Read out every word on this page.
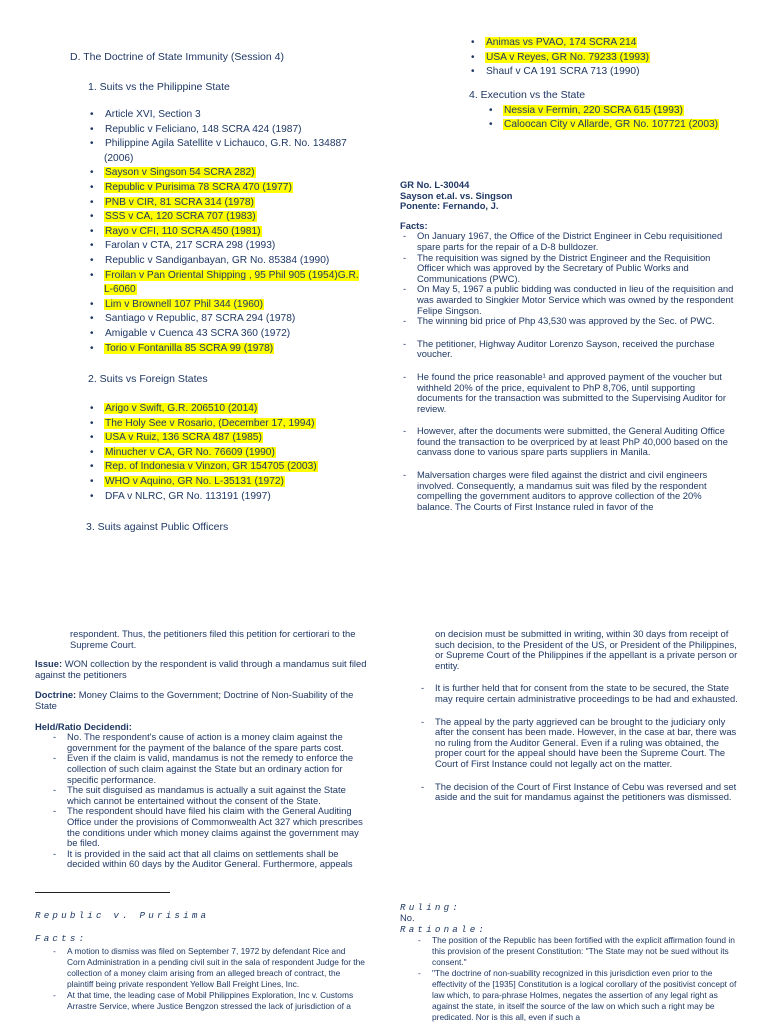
D. The Doctrine of State Immunity (Session 4)
1. Suits vs the Philippine State
• Article XVI, Section 3
• Republic v Feliciano, 148 SCRA 424 (1987)
• Philippine Agila Satellite v Lichauco, G.R. No. 134887 (2006)
• Sayson v Singson 54 SCRA 282)
• Republic v Purisima 78 SCRA 470 (1977)
• PNB v CIR, 81 SCRA 314 (1978)
• SSS v CA, 120 SCRA 707 (1983)
• Rayo v CFI, 110 SCRA 450 (1981)
• Farolan v CTA, 217 SCRA 298 (1993)
• Republic v Sandiganbayan, GR No. 85384 (1990)
• Froilan v Pan Oriental Shipping , 95 Phil 905 (1954)G.R. L-6060
• Lim v Brownell 107 Phil 344 (1960)
• Santiago v Republic, 87 SCRA 294 (1978)
• Amigable v Cuenca 43 SCRA 360 (1972)
• Torio v Fontanilla 85 SCRA 99 (1978)
2. Suits vs Foreign States
• Arigo v Swift, G.R. 206510 (2014)
• The Holy See v Rosario, (December 17, 1994)
• USA v Ruiz, 136 SCRA 487 (1985)
• Minucher v CA, GR No. 76609 (1990)
• Rep. of Indonesia v Vinzon, GR 154705 (2003)
• WHO v Aquino, GR No. L-35131 (1972)
• DFA v NLRC, GR No. 113191 (1997)
3. Suits against Public Officers
• Animas vs PVAO, 174 SCRA 214
• USA v Reyes, GR No. 79233 (1993)
• Shauf v CA 191 SCRA 713 (1990)
4. Execution vs the State
• Nessia v Fermin, 220 SCRA 615 (1993)
• Caloocan City v Allarde, GR No. 107721 (2003)
GR No. L-30044
Sayson et.al. vs. Singson
Ponente: Fernando, J.
Facts:
- On January 1967, the Office of the District Engineer in Cebu requisitioned spare parts for the repair of a D-8 bulldozer.
- The requisition was signed by the District Engineer and the Requisition Officer which was approved by the Secretary of Public Works and Communications (PWC).
- On May 5, 1967 a public bidding was conducted in lieu of the requisition and was awarded to Singkier Motor Service which was owned by the respondent Felipe Singson.
- The winning bid price of Php 43,530 was approved by the Sec. of PWC.
- The petitioner, Highway Auditor Lorenzo Sayson, received the purchase voucher.
- He found the price reasonable¹ and approved payment of the voucher but withheld 20% of the price, equivalent to PhP 8,706, until supporting documents for the transaction was submitted to the Supervising Auditor for review.
- However, after the documents were submitted, the General Auditing Office found the transaction to be overpriced by at least PhP 40,000 based on the canvass done to various spare parts suppliers in Manila.
- Malversation charges were filed against the district and civil engineers involved. Consequently, a mandamus suit was filed by the respondent compelling the government auditors to approve collection of the 20% balance. The Courts of First Instance ruled in favor of the
respondent. Thus, the petitioners filed this petition for certiorari to the Supreme Court.
Issue: WON collection by the respondent is valid through a mandamus suit filed against the petitioners
Doctrine: Money Claims to the Government; Doctrine of Non-Suability of the State
Held/Ratio Decidendi:
- No. The respondent's cause of action is a money claim against the government for the payment of the balance of the spare parts cost.
- Even if the claim is valid, mandamus is not the remedy to enforce the collection of such claim against the State but an ordinary action for specific performance.
- The suit disguised as mandamus is actually a suit against the State which cannot be entertained without the consent of the State.
- The respondent should have filed his claim with the General Auditing Office under the provisions of Commonwealth Act 327 which prescribes the conditions under which money claims against the government may be filed.
- It is provided in the said act that all claims on settlements shall be decided within 60 days by the Auditor General. Furthermore, appeals
Republic v. Purisima
Facts:
- A motion to dismiss was filed on September 7, 1972 by defendant Rice and Corn Administration in a pending civil suit in the sala of respondent Judge for the collection of a money claim arising from an alleged breach of contract, the plaintiff being private respondent Yellow Ball Freight Lines, Inc.
- At that time, the leading case of Mobil Philippines Exploration, Inc v. Customs Arrastre Service, where Justice Bengzon stressed the lack of jurisdiction of a
on decision must be submitted in writing, within 30 days from receipt of such decision, to the President of the US, or President of the Philippines, or Supreme Court of the Philippines if the appellant is a private person or entity.
- It is further held that for consent from the state to be secured, the State may require certain administrative proceedings to be had and exhausted.
- The appeal by the party aggrieved can be brought to the judiciary only after the consent has been made. However, in the case at bar, there was no ruling from the Auditor General. Even if a ruling was obtained, the proper court for the appeal should have been the Supreme Court. The Court of First Instance could not legally act on the matter.
- The decision of the Court of First Instance of Cebu was reversed and set aside and the suit for mandamus against the petitioners was dismissed.
Ruling:
No.
Rationale:
- The position of the Republic has been fortified with the explicit affirmation found in this provision of the present Constitution: "The State may not be sued without its consent."
- "The doctrine of non-suability recognized in this jurisdiction even prior to the effectivity of the [1935] Constitution is a logical corollary of the positivist concept of law which, to para-phrase Holmes, negates the assertion of any legal right as against the state, in itself the source of the law on which such a right may be predicated. Nor is this all, even if such a
